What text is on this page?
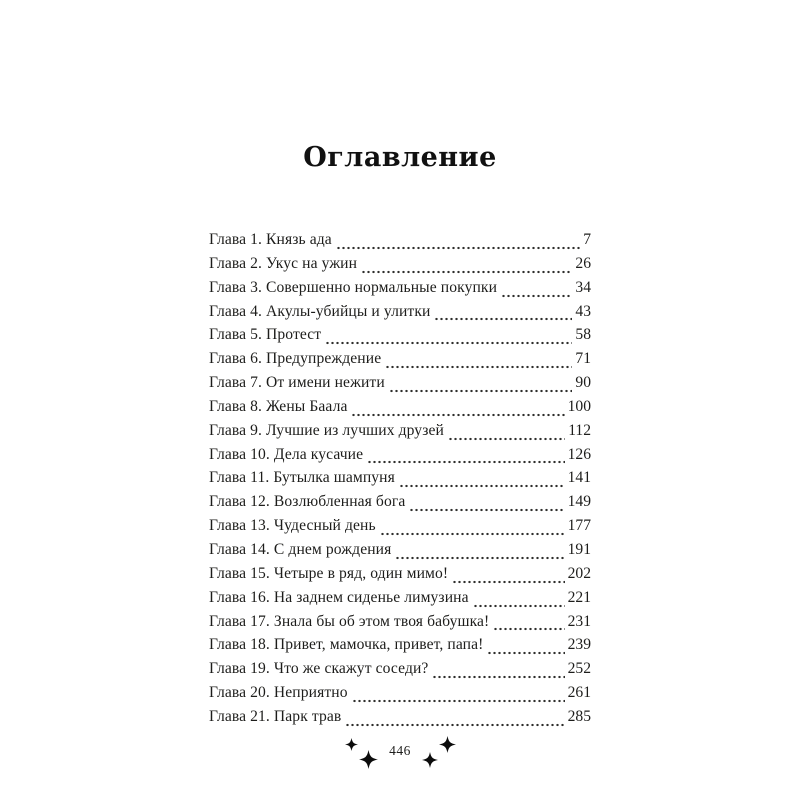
Оглавление
Глава 1. Князь ада	7
Глава 2. Укус на ужин	26
Глава 3. Совершенно нормальные покупки	34
Глава 4. Акулы-убийцы и улитки	43
Глава 5. Протест	58
Глава 6. Предупреждение	71
Глава 7. От имени нежити	90
Глава 8. Жены Баала	100
Глава 9. Лучшие из лучших друзей	112
Глава 10. Дела кусачие	126
Глава 11. Бутылка шампуня	141
Глава 12. Возлюбленная бога	149
Глава 13. Чудесный день	177
Глава 14. С днем рождения	191
Глава 15. Четыре в ряд, один мимо!	202
Глава 16. На заднем сиденье лимузина	221
Глава 17. Знала бы об этом твоя бабушка!	231
Глава 18. Привет, мамочка, привет, папа!	239
Глава 19. Что же скажут соседи?	252
Глава 20. Неприятно	261
Глава 21. Парк трав	285
446
